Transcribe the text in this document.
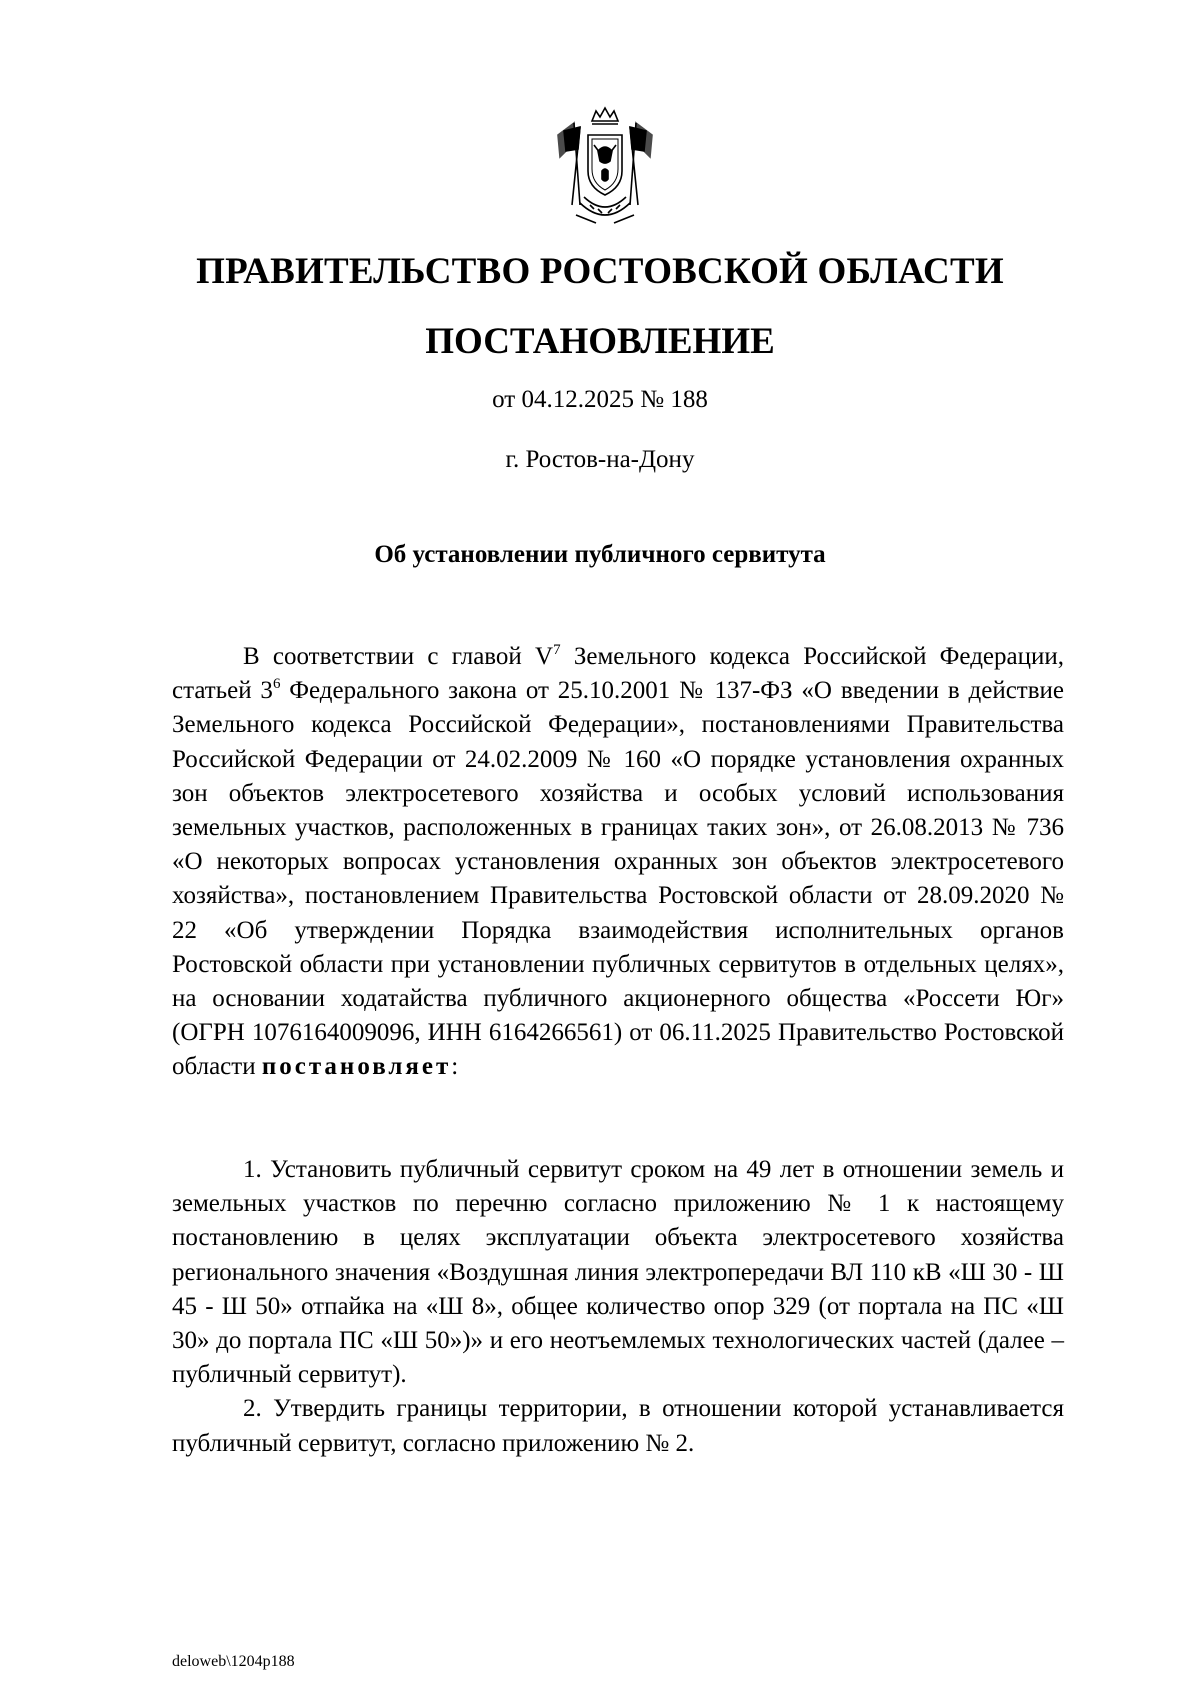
ПРАВИТЕЛЬСТВО РОСТОВСКОЙ ОБЛАСТИ
ПОСТАНОВЛЕНИЕ
от 04.12.2025 № 188
г. Ростов-на-Дону
Об установлении публичного сервитута

В соответствии с главой $V^7$ Земельного кодекса Российской Федерации, статьей $3^6$ Федерального закона от 25.10.2001 № 137-ФЗ «О введении в действие Земельного кодекса Российской Федерации», постановлениями Правительства Российской Федерации от 24.02.2009 № 160 «О порядке установления охранных зон объектов электросетевого хозяйства и особых условий использования земельных участков, расположенных в границах таких зон», от 26.08.2013 № 736 «О некоторых вопросах установления охранных зон объектов электросетевого хозяйства», постановлением Правительства Ростовской области от 28.09.2020 № 22 «Об утверждении Порядка взаимодействия исполнительных органов Ростовской области при установлении публичных сервитутов в отдельных целях», на основании ходатайства публичного акционерного общества «Россети Юг» (ОГРН 1076164009096, ИНН 6164266561) от 06.11.2025 Правительство Ростовской области постановляет:

1. Установить публичный сервитут сроком на 49 лет в отношении земель и земельных участков по перечню согласно приложению № 1 к настоящему постановлению в целях эксплуатации объекта электросетевого хозяйства регионального значения «Воздушная линия электропередачи ВЛ 110 кВ «Ш 30 - Ш 45 - Ш 50» отпайка на «Ш 8», общее количество опор 329 (от портала на ПС «Ш 30» до портала ПС «Ш 50»)» и его неотъемлемых технологических частей (далее – публичный сервитут).

2. Утвердить границы территории, в отношении которой устанавливается публичный сервитут, согласно приложению № 2.

deloweb\1204p188
